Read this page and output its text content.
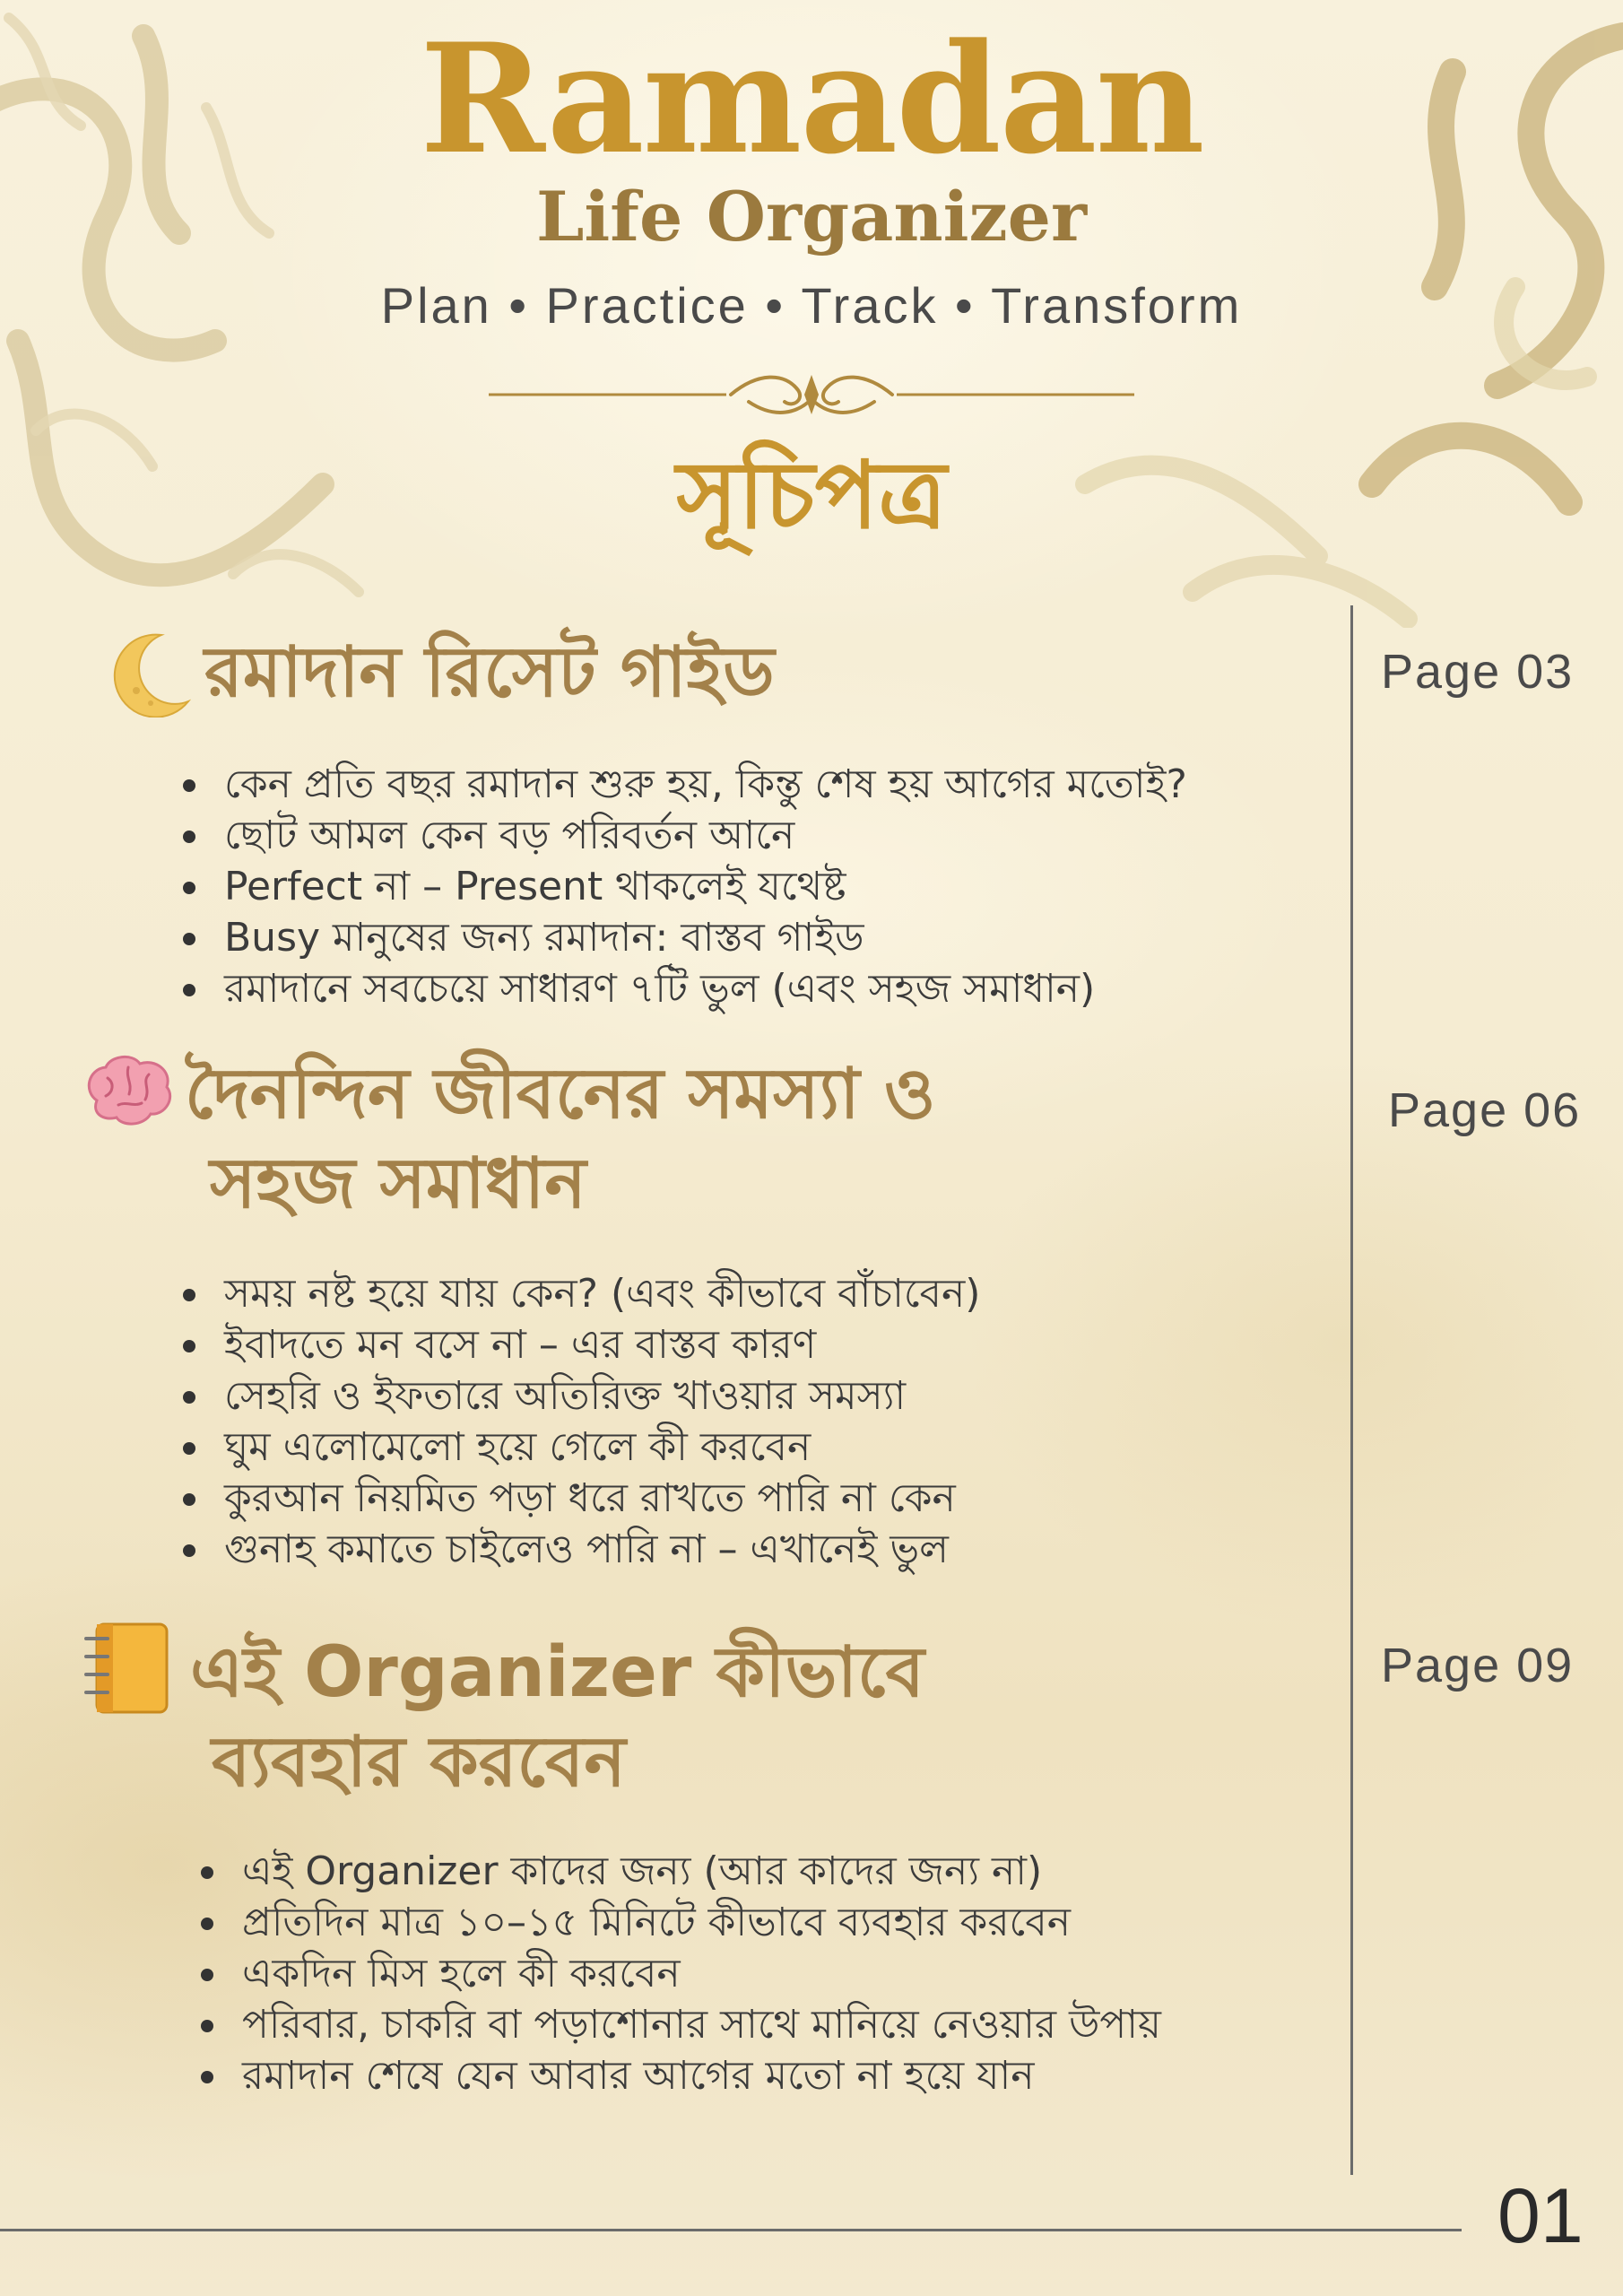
Ramadan
Life Organizer
Plan • Practice • Track • Transform
সূচিপত্র
রমাদান রিসেট গাইড	Page 03
কেন প্রতি বছর রমাদান শুরু হয়, কিন্তু শেষ হয় আগের মতোই?
ছোট আমল কেন বড় পরিবর্তন আনে
Perfect না – Present থাকলেই যথেষ্ট
Busy মানুষের জন্য রমাদান: বাস্তব গাইড
রমাদানে সবচেয়ে সাধারণ ৭টি ভুল (এবং সহজ সমাধান)
দৈনন্দিন জীবনের সমস্যা ও
সহজ সমাধান
Page 06
সময় নষ্ট হয়ে যায় কেন? (এবং কীভাবে বাঁচাবেন)
ইবাদতে মন বসে না – এর বাস্তব কারণ
সেহরি ও ইফতারে অতিরিক্ত খাওয়ার সমস্যা
ঘুম এলোমেলো হয়ে গেলে কী করবেন
কুরআন নিয়মিত পড়া ধরে রাখতে পারি না কেন
গুনাহ কমাতে চাইলেও পারি না – এখানেই ভুল
এই Organizer কীভাবে
ব্যবহার করবেন
Page 09
এই Organizer কাদের জন্য (আর কাদের জন্য না)
প্রতিদিন মাত্র ১০–১৫ মিনিটে কীভাবে ব্যবহার করবেন
একদিন মিস হলে কী করবেন
পরিবার, চাকরি বা পড়াশোনার সাথে মানিয়ে নেওয়ার উপায়
রমাদান শেষে যেন আবার আগের মতো না হয়ে যান
01
